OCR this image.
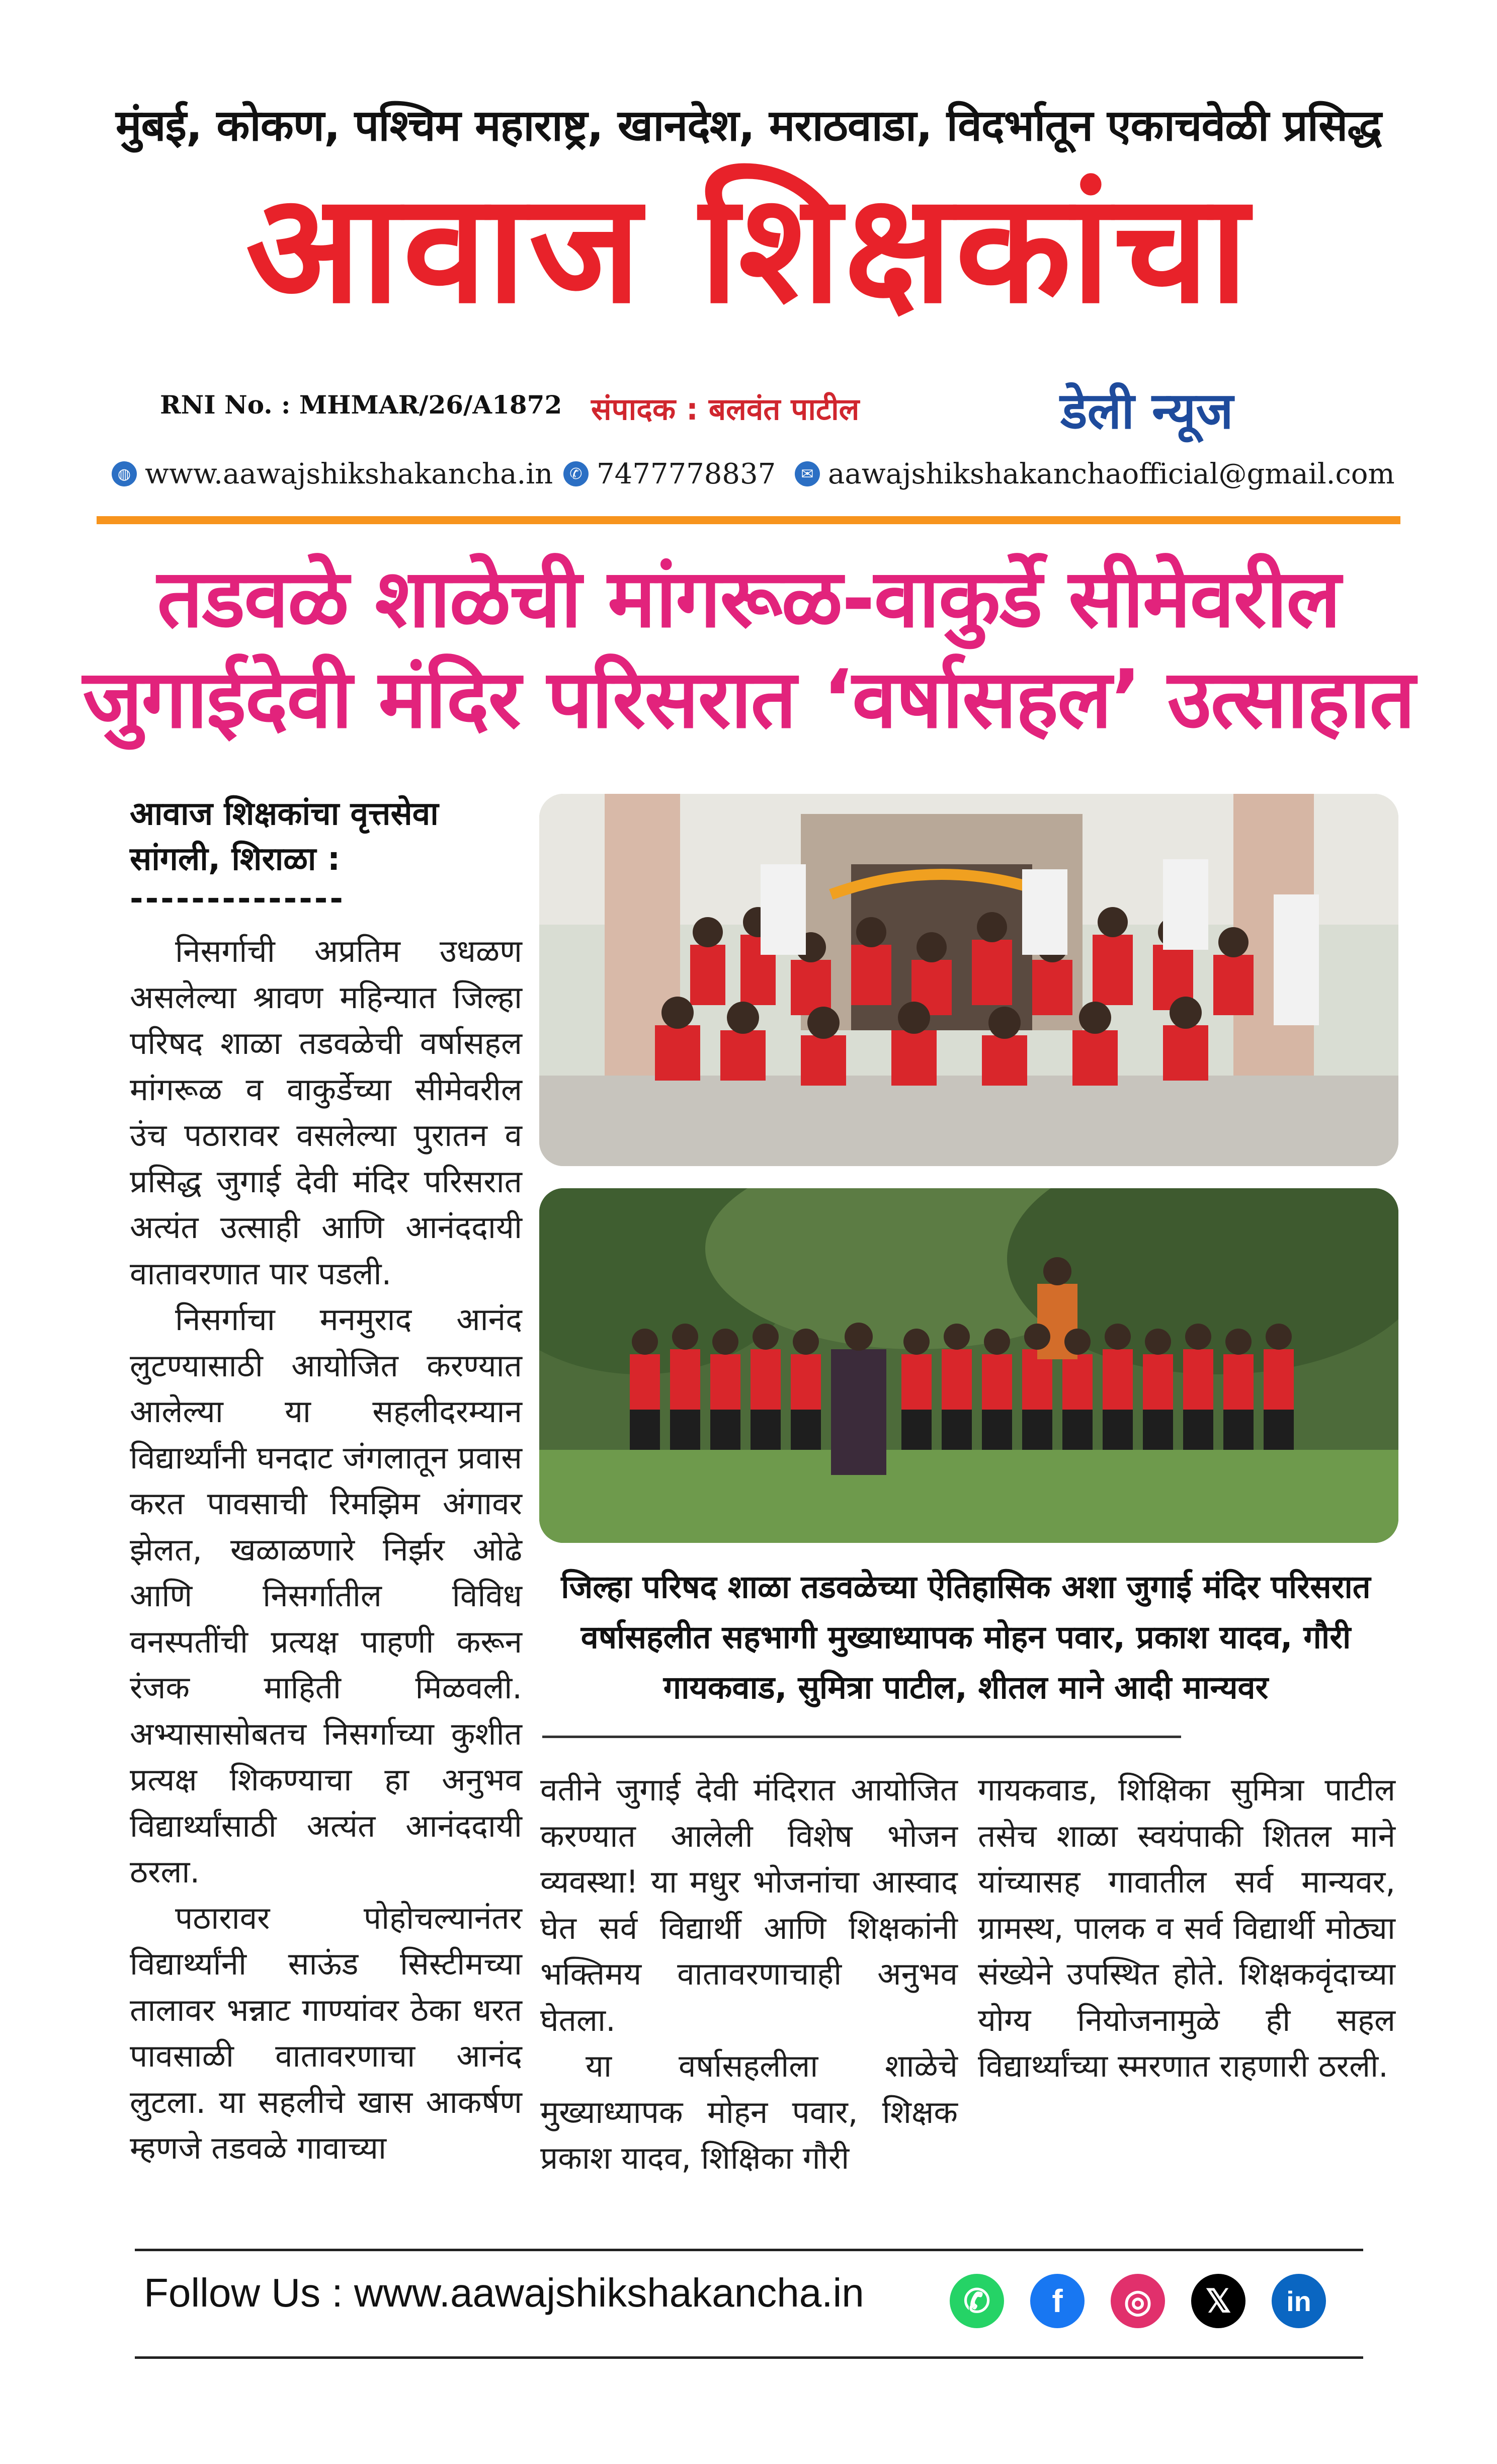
मुंबई, कोकण, पश्चिम महाराष्ट्र, खानदेश, मराठवाडा, विदर्भातून एकाचवेळी प्रसिद्ध
आवाज शिक्षकांचा
RNI No. : MHMAR/26/A1872 संपादक : बलवंत पाटील	डेली न्यूज
◍ www.aawajshikshakancha.in	✆ 7477778837	✉ aawajshikshakanchaofficial@gmail.com
तडवळे शाळेची मांगरूळ-वाकुर्डे सीमेवरील
जुगाईदेवी मंदिर परिसरात ‘वर्षासहल’ उत्साहात
आवाज शिक्षकांचा वृत्तसेवा
सांगली, शिराळा :
--------------

निसर्गाची अप्रतिम उधळण असलेल्या श्रावण महिन्यात जिल्हा परिषद शाळा तडवळेची वर्षासहल मांगरूळ व वाकुर्डेच्या सीमेवरील उंच पठारावर वसलेल्या पुरातन व प्रसिद्ध जुगाई देवी मंदिर परिसरात अत्यंत उत्साही आणि आनंददायी वातावरणात पार पडली.

निसर्गाचा मनमुराद आनंद लुटण्यासाठी आयोजित करण्यात आलेल्या या सहलीदरम्यान विद्यार्थ्यांनी घनदाट जंगलातून प्रवास करत पावसाची रिमझिम अंगावर झेलत, खळाळणारे निर्झर ओढे आणि निसर्गातील विविध वनस्पतींची प्रत्यक्ष पाहणी करून रंजक माहिती मिळवली. अभ्यासासोबतच निसर्गाच्या कुशीत प्रत्यक्ष शिकण्याचा हा अनुभव विद्यार्थ्यांसाठी अत्यंत आनंददायी ठरला.

पठारावर पोहोचल्यानंतर विद्यार्थ्यांनी साऊंड सिस्टीमच्या तालावर भन्नाट गाण्यांवर ठेका धरत पावसाळी वातावरणाचा आनंद लुटला. या सहलीचे खास आकर्षण म्हणजे तडवळे गावाच्या

जिल्हा परिषद शाळा तडवळेच्या ऐतिहासिक अशा जुगाई मंदिर परिसरात वर्षासहलीत सहभागी मुख्याध्यापक मोहन पवार, प्रकाश यादव, गौरी गायकवाड, सुमित्रा पाटील, शीतल माने आदी मान्यवर

वतीने जुगाई देवी मंदिरात आयोजित करण्यात आलेली विशेष भोजन व्यवस्था! या मधुर भोजनांचा आस्वाद घेत सर्व विद्यार्थी आणि शिक्षकांनी भक्तिमय वातावरणाचाही अनुभव घेतला.

या वर्षासहलीला शाळेचे मुख्याध्यापक मोहन पवार, शिक्षक प्रकाश यादव, शिक्षिका गौरी

गायकवाड, शिक्षिका सुमित्रा पाटील तसेच शाळा स्वयंपाकी शितल माने यांच्यासह गावातील सर्व मान्यवर, ग्रामस्थ, पालक व सर्व विद्यार्थी मोठ्या संख्येने उपस्थित होते. शिक्षकवृंदाच्या योग्य नियोजनामुळे ही सहल विद्यार्थ्यांच्या स्मरणात राहणारी ठरली.

Follow Us : www.aawajshikshakancha.in	✆	f	◎	𝕏	in
